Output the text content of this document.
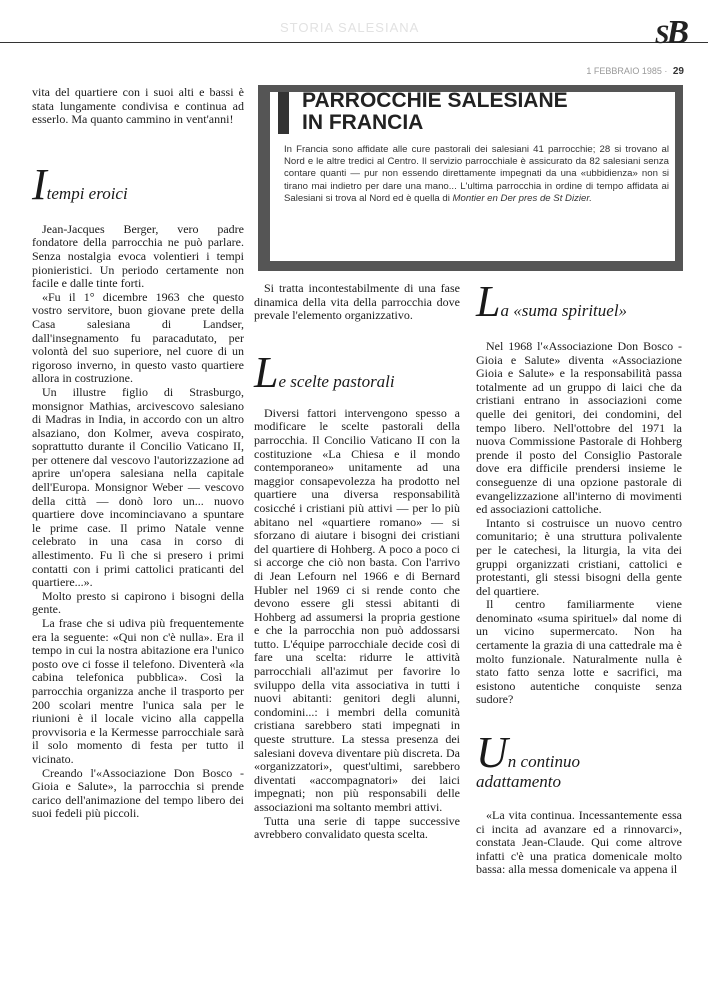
STORIA SALESIANA	SB
1 FEBBRAIO 1985 · 29
PARROCCHIE SALESIANE
IN FRANCIA
In Francia sono affidate alle cure pastorali dei salesiani 41 parrocchie; 28 si trovano al Nord e le altre tredici al Centro. Il servizio parrocchiale è assicurato da 82 salesiani senza contare quanti — pur non essendo direttamente impegnati da una «ubbidienza» non si tirano mai indietro per dare una mano... L'ultima parrocchia in ordine di tempo affidata ai Salesiani si trova al Nord ed è quella di Montier en Der pres de St Dizier.

vita del quartiere con i suoi alti e bassi è stata lungamente condivisa e continua ad esserlo. Ma quanto cammino in vent'anni!

Itempi eroici

Jean-Jacques Berger, vero padre fondatore della parrocchia ne può parlare. Senza nostalgia evoca volentieri i tempi pionieristici. Un periodo certamente non facile e dalle tinte forti.

«Fu il 1° dicembre 1963 che questo vostro servitore, buon giovane prete della Casa salesiana di Landser, dall'insegnamento fu paracadutato, per volontà del suo superiore, nel cuore di un rigoroso inverno, in questo vasto quartiere allora in costruzione.

Un illustre figlio di Strasburgo, monsignor Mathias, arcivescovo salesiano di Madras in India, in accordo con un altro alsaziano, don Kolmer, aveva cospirato, soprattutto durante il Concilio Vaticano II, per ottenere dal vescovo l'autorizzazione ad aprire un'opera salesiana nella capitale dell'Europa. Monsignor Weber — vescovo della città — donò loro un... nuovo quartiere dove incominciavano a spuntare le prime case. Il primo Natale venne celebrato in una casa in corso di allestimento. Fu lì che si presero i primi contatti con i primi cattolici praticanti del quartiere...».

Molto presto si capirono i bisogni della gente.

La frase che si udiva più frequentemente era la seguente: «Qui non c'è nulla». Era il tempo in cui la nostra abitazione era l'unico posto ove ci fosse il telefono. Diventerà «la cabina telefonica pubblica». Così la parrocchia organizza anche il trasporto per 200 scolari mentre l'unica sala per le riunioni è il locale vicino alla cappella provvisoria e la Kermesse parrocchiale sarà il solo momento di festa per tutto il vicinato.

Creando l'«Associazione Don Bosco - Gioia e Salute», la parrocchia si prende carico dell'animazione del tempo libero dei suoi fedeli più piccoli.

Si tratta incontestabilmente di una fase dinamica della vita della parrocchia dove prevale l'elemento organizzativo.

Le scelte pastorali

Diversi fattori intervengono spesso a modificare le scelte pastorali della parrocchia. Il Concilio Vaticano II con la costituzione «La Chiesa e il mondo contemporaneo» unitamente ad una maggior consapevolezza ha prodotto nel quartiere una diversa responsabilità cosicché i cristiani più attivi — per lo più abitano nel «quartiere romano» — si sforzano di aiutare i bisogni dei cristiani del quartiere di Hohberg. A poco a poco ci si accorge che ciò non basta. Con l'arrivo di Jean Lefourn nel 1966 e di Bernard Hubler nel 1969 ci si rende conto che devono essere gli stessi abitanti di Hohberg ad assumersi la propria gestione e che la parrocchia non può addossarsi tutto. L'équipe parrocchiale decide così di fare una scelta: ridurre le attività parrocchiali all'azimut per favorire lo sviluppo della vita associativa in tutti i nuovi abitanti: genitori degli alunni, condomini...: i membri della comunità cristiana sarebbero stati impegnati in queste strutture. La stessa presenza dei salesiani doveva diventare più discreta. Da «organizzatori», quest'ultimi, sarebbero diventati «accompagnatori» dei laici impegnati; non più responsabili delle associazioni ma soltanto membri attivi.

Tutta una serie di tappe successive avrebbero convalidato questa scelta.

La «suma spirituel»

Nel 1968 l'«Associazione Don Bosco - Gioia e Salute» diventa «Associazione Gioia e Salute» e la responsabilità passa totalmente ad un gruppo di laici che da cristiani entrano in associazioni come quelle dei genitori, dei condomini, del tempo libero. Nell'ottobre del 1971 la nuova Commissione Pastorale di Hohberg prende il posto del Consiglio Pastorale dove era difficile prendersi insieme le conseguenze di una opzione pastorale di evangelizzazione all'interno di movimenti ed associazioni cattoliche.

Intanto si costruisce un nuovo centro comunitario; è una struttura polivalente per le catechesi, la liturgia, la vita dei gruppi organizzati cristiani, cattolici e protestanti, gli stessi bisogni della gente del quartiere.

Il centro familiarmente viene denominato «suma spirituel» dal nome di un vicino supermercato. Non ha certamente la grazia di una cattedrale ma è molto funzionale. Naturalmente nulla è stato fatto senza lotte e sacrifici, ma esistono autentiche conquiste senza sudore?

Un continuo
adattamento

«La vita continua. Incessantemente essa ci incita ad avanzare ed a rinnovarci», constata Jean-Claude. Qui come altrove infatti c'è una pratica domenicale molto bassa: alla messa domenicale va appena il
